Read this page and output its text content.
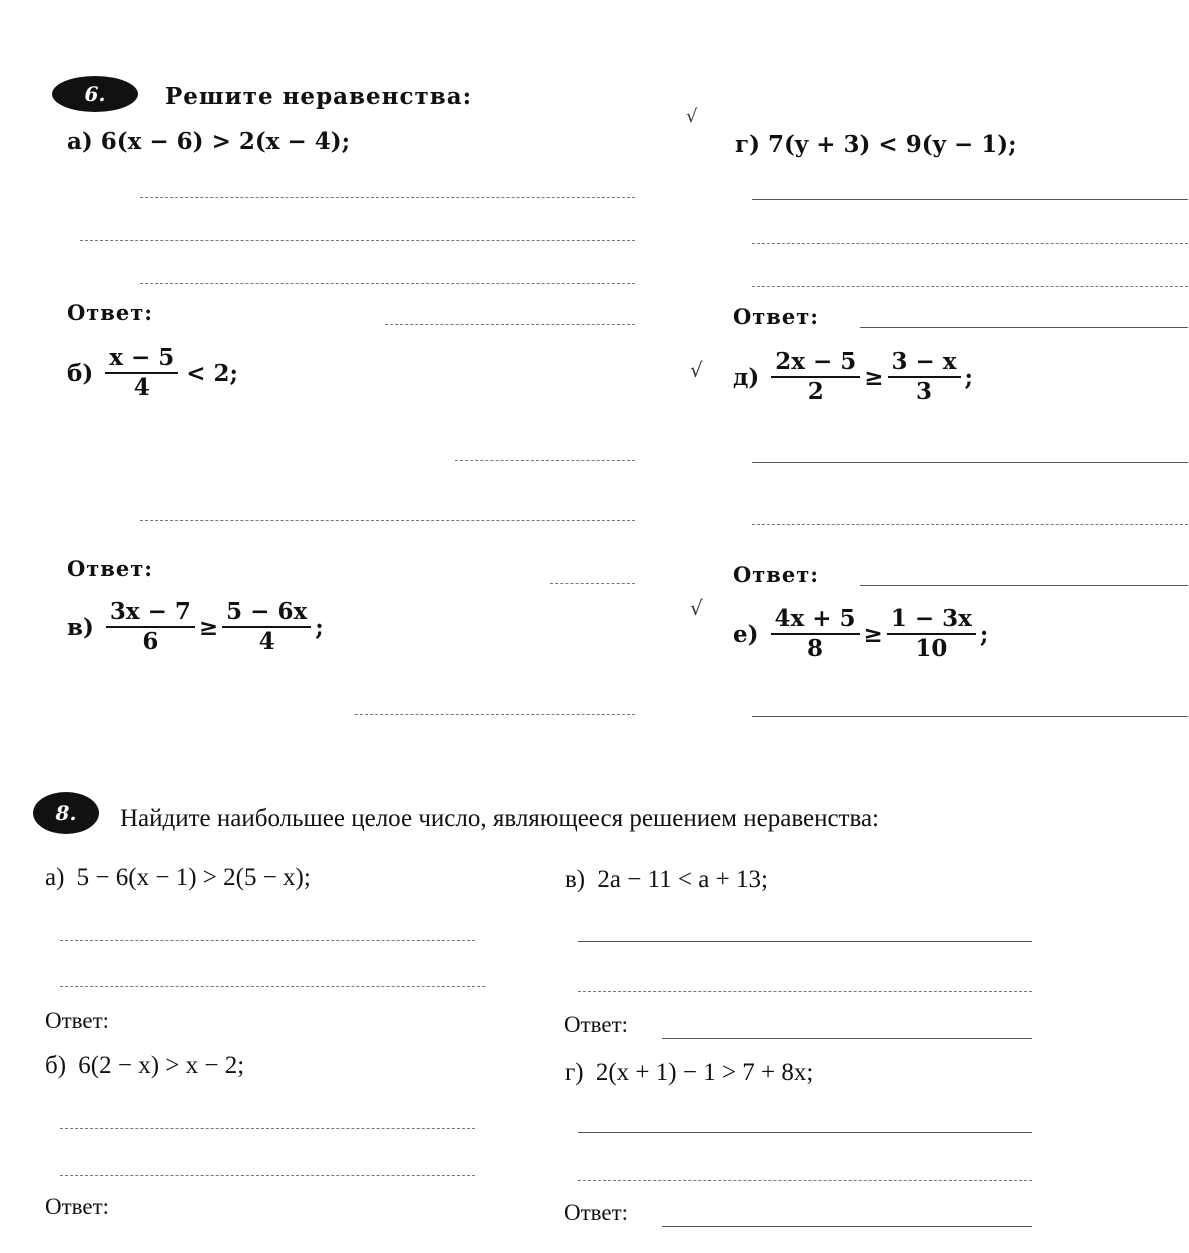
6.	Решите неравенства:
а) 6(x − 6) > 2(x − 4);
Ответ:
$б) \frac{x - 5}{4} < 2$;
Ответ:
$в) \frac{3x - 7}{6} \ge \frac{5 - 6x}{4}$ ;
√
г) 7(y + 3) < 9(y − 1);
Ответ:
√ $д) \frac{2x - 5}{2} \ge \frac{3 - x}{3}$ ;
Ответ:
√
$е) \frac{4x + 5}{8} \ge \frac{1 - 3x}{10}$ ;
8.	Найдите наибольшее целое число, являющееся решением неравенства:
а) 5 − 6(x − 1) > 2(5 − x);
Ответ:
б) 6(2 − x) > x − 2;
Ответ:
в) 2a − 11 < a + 13;
Ответ:
г) 2(x + 1) − 1 > 7 + 8x;
Ответ:
